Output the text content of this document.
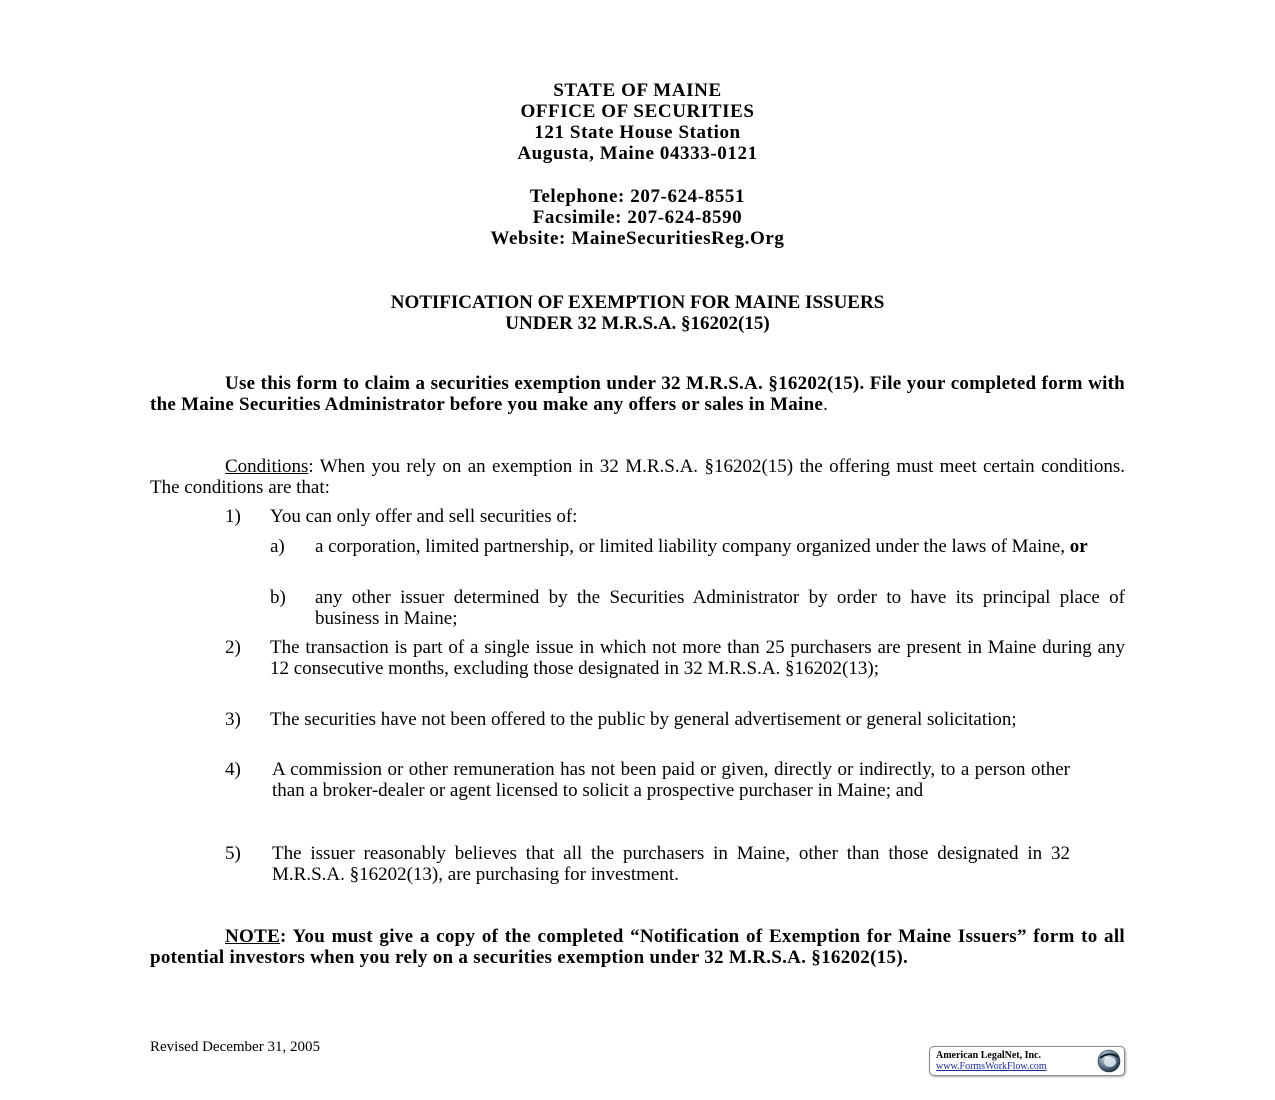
STATE OF MAINE
OFFICE OF SECURITIES
121 State House Station
Augusta, Maine 04333-0121
Telephone: 207-624-8551
Facsimile: 207-624-8590
Website: MaineSecuritiesReg.Org
NOTIFICATION OF EXEMPTION FOR MAINE ISSUERS
UNDER 32 M.R.S.A. §16202(15)
Use this form to claim a securities exemption under 32 M.R.S.A. §16202(15). File your completed form with the Maine Securities Administrator before you make any offers or sales in Maine.
Conditions: When you rely on an exemption in 32 M.R.S.A. §16202(15) the offering must meet certain conditions. The conditions are that:
1) You can only offer and sell securities of:
a) a corporation, limited partnership, or limited liability company organized under the laws of Maine, or
b) any other issuer determined by the Securities Administrator by order to have its principal place of business in Maine;
2) The transaction is part of a single issue in which not more than 25 purchasers are present in Maine during any 12 consecutive months, excluding those designated in 32 M.R.S.A. §16202(13);
3) The securities have not been offered to the public by general advertisement or general solicitation;
4) A commission or other remuneration has not been paid or given, directly or indirectly, to a person other than a broker-dealer or agent licensed to solicit a prospective purchaser in Maine; and
5) The issuer reasonably believes that all the purchasers in Maine, other than those designated in 32 M.R.S.A. §16202(13), are purchasing for investment.
NOTE: You must give a copy of the completed “Notification of Exemption for Maine Issuers” form to all potential investors when you rely on a securities exemption under 32 M.R.S.A. §16202(15).
Revised December 31, 2005
American LegalNet, Inc.
www.FormsWorkFlow.com
